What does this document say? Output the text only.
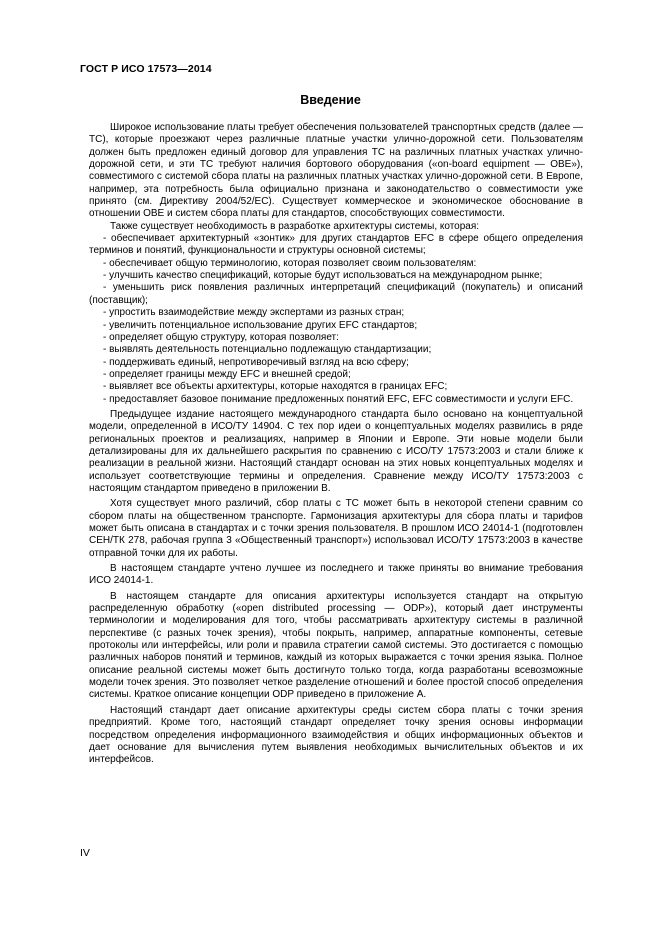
ГОСТ Р ИСО 17573—2014
Введение

Широкое использование платы требует обеспечения пользователей транспортных средств (далее — ТС), которые проезжают через различные платные участки улично-дорожной сети. Пользователям должен быть предложен единый договор для управления ТС на различных платных участках улично-дорожной сети, и эти ТС требуют наличия бортового оборудования («on-board equipment — OBE»), совместимого с системой сбора платы на различных платных участках улично-дорожной сети. В Европе, например, эта потребность была официально признана и законодательство о совместимости уже принято (см. Директиву 2004/52/EC). Существует коммерческое и экономическое обоснование в отношении OBE и систем сбора платы для стандартов, способствующих совместимости.

Также существует необходимость в разработке архитектуры системы, которая:

- обеспечивает архитектурный «зонтик» для других стандартов EFC в сфере общего определения терминов и понятий, функциональности и структуры основной системы;

- обеспечивает общую терминологию, которая позволяет своим пользователям:

- улучшить качество спецификаций, которые будут использоваться на международном рынке;

- уменьшить риск появления различных интерпретаций спецификаций (покупатель) и описаний (поставщик);

- упростить взаимодействие между экспертами из разных стран;

- увеличить потенциальное использование других EFC стандартов;

- определяет общую структуру, которая позволяет:

- выявлять деятельность потенциально подлежащую стандартизации;

- поддерживать единый, непротиворечивый взгляд на всю сферу;

- определяет границы между EFC и внешней средой;

- выявляет все объекты архитектуры, которые находятся в границах EFC;

- предоставляет базовое понимание предложенных понятий EFC, EFC совместимости и услуги EFC.

Предыдущее издание настоящего международного стандарта было основано на концептуальной модели, определенной в ИСО/ТУ 14904. С тех пор идеи о концептуальных моделях развились в ряде региональных проектов и реализациях, например в Японии и Европе. Эти новые модели были детализированы для их дальнейшего раскрытия по сравнению с ИСО/ТУ 17573:2003 и стали ближе к реализации в реальной жизни. Настоящий стандарт основан на этих новых концептуальных моделях и использует соответствующие термины и определения. Сравнение между ИСО/ТУ 17573:2003 с настоящим стандартом приведено в приложении В.

Хотя существует много различий, сбор платы с ТС может быть в некоторой степени сравним со сбором платы на общественном транспорте. Гармонизация архитектуры для сбора платы и тарифов может быть описана в стандартах и с точки зрения пользователя. В прошлом ИСО 24014-1 (подготовлен СЕН/ТК 278, рабочая группа 3 «Общественный транспорт») использовал ИСО/ТУ 17573:2003 в качестве отправной точки для их работы.

В настоящем стандарте учтено лучшее из последнего и также приняты во внимание требования ИСО 24014-1.

В настоящем стандарте для описания архитектуры используется стандарт на открытую распределенную обработку («open distributed processing — ODP»), который дает инструменты терминологии и моделирования для того, чтобы рассматривать архитектуру системы в различной перспективе (с разных точек зрения), чтобы покрыть, например, аппаратные компоненты, сетевые протоколы или интерфейсы, или роли и правила стратегии самой системы. Это достигается с помощью различных наборов понятий и терминов, каждый из которых выражается с точки зрения языка. Полное описание реальной системы может быть достигнуто только тогда, когда разработаны всевозможные модели точек зрения. Это позволяет четкое разделение отношений и более простой способ определения системы. Краткое описание концепции ODP приведено в приложение А.

Настоящий стандарт дает описание архитектуры среды систем сбора платы с точки зрения предприятий. Кроме того, настоящий стандарт определяет точку зрения основы информации посредством определения информационного взаимодействия и общих информационных объектов и дает основание для вычисления путем выявления необходимых вычислительных объектов и их интерфейсов.

IV
